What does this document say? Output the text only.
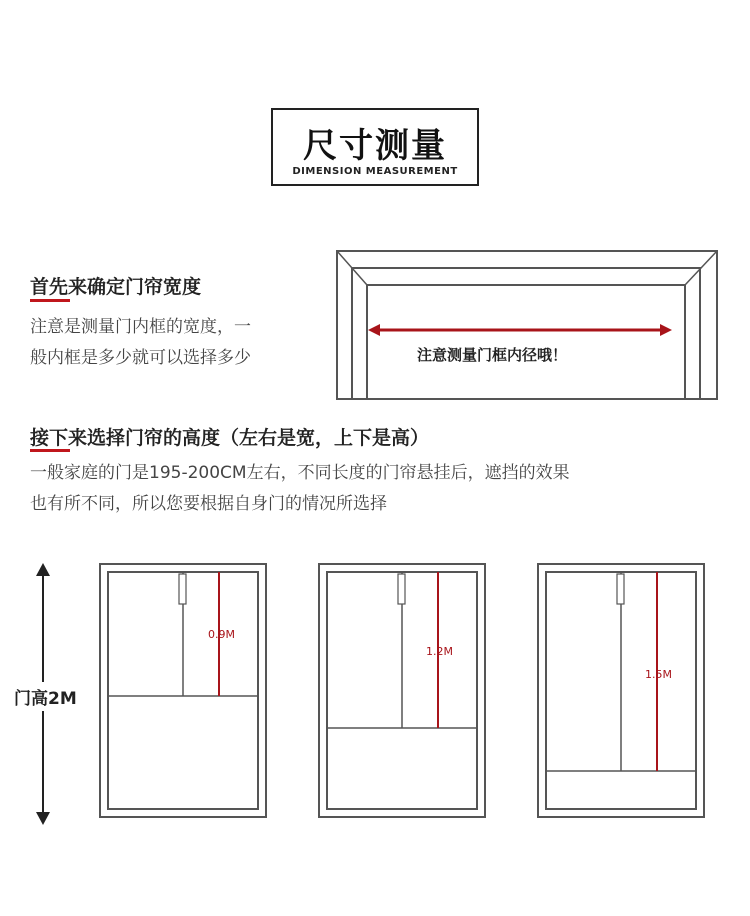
尺寸测量
DIMENSION MEASUREMENT
首先来确定门帘宽度
注意是测量门内框的宽度，一
般内框是多少就可以选择多少	注意测量门框内径哦！
接下来选择门帘的高度（左右是宽，上下是高）
一般家庭的门是195-200CM左右，不同长度的门帘悬挂后，遮挡的效果
也有所不同，所以您要根据自身门的情况所选择
门高2M
0.9M
1.2M
1.5M
